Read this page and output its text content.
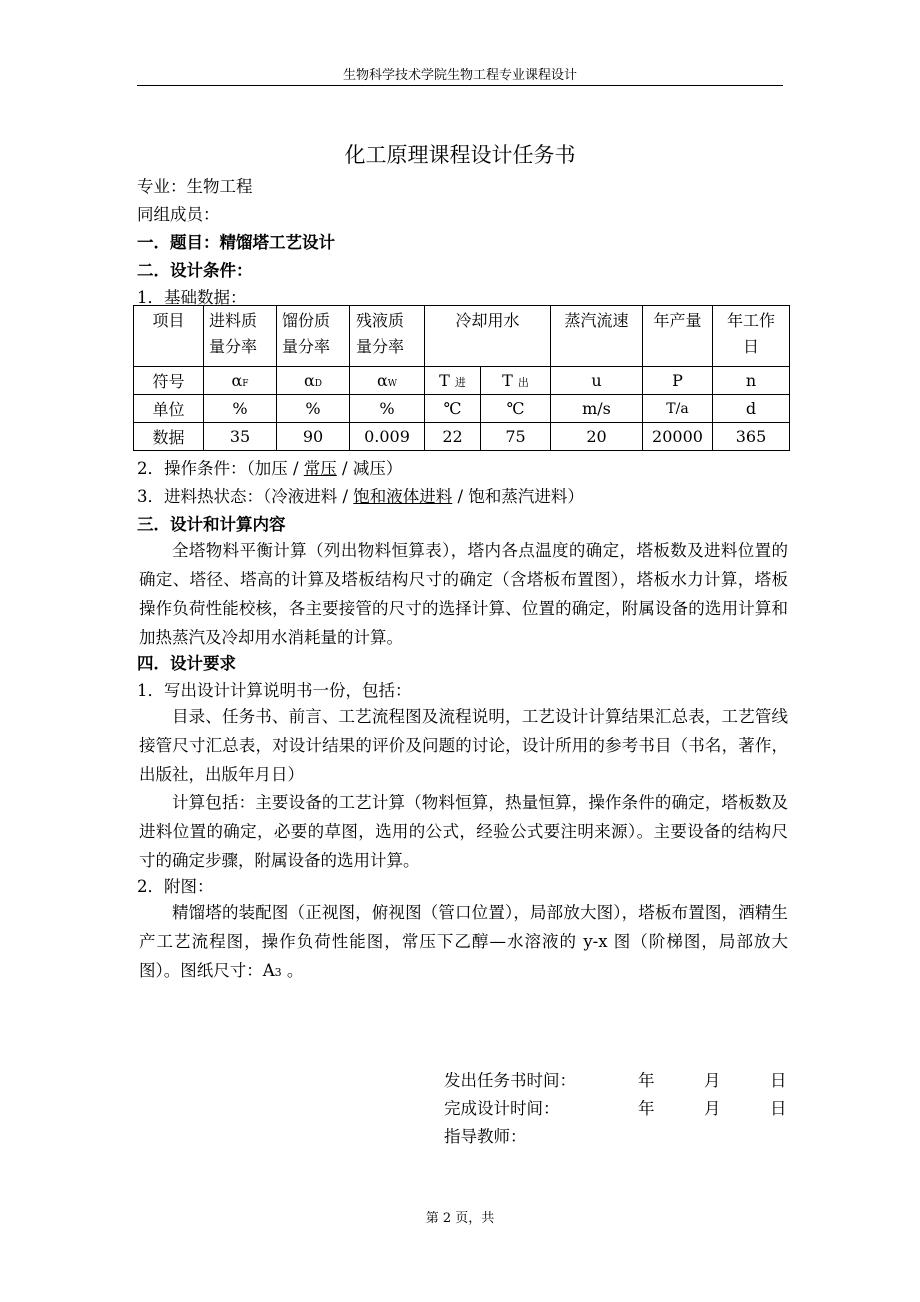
生物科学技术学院生物工程专业课程设计
化工原理课程设计任务书
专业：生物工程
同组成员：
一．题目：精馏塔工艺设计
二．设计条件：
1．基础数据：
项目	进料质量分率	馏份质量分率	残液质量分率	冷却用水		蒸汽流速	年产量	年工作日

符号	αF	αD	αW	T 进	T 出	u	P	n
单位	%	%	%	℃	℃	m/s	T/a	d
数据	35	90	0.009	22	75	20	20000	365
2．操作条件：（加压 / 常压 / 减压）
3．进料热状态：（冷液进料 / 饱和液体进料 / 饱和蒸汽进料）
三．设计和计算内容
全塔物料平衡计算（列出物料恒算表），塔内各点温度的确定，塔板数及进料位置的确定、塔径、塔高的计算及塔板结构尺寸的确定（含塔板布置图），塔板水力计算，塔板操作负荷性能校核，各主要接管的尺寸的选择计算、位置的确定，附属设备的选用计算和加热蒸汽及冷却用水消耗量的计算。
四．设计要求
1．写出设计计算说明书一份，包括：
目录、任务书、前言、工艺流程图及流程说明，工艺设计计算结果汇总表，工艺管线接管尺寸汇总表，对设计结果的评价及问题的讨论，设计所用的参考书目（书名，著作，出版社，出版年月日）
计算包括：主要设备的工艺计算（物料恒算，热量恒算，操作条件的确定，塔板数及进料位置的确定，必要的草图，选用的公式，经验公式要注明来源）。主要设备的结构尺寸的确定步骤，附属设备的选用计算。
2．附图：
精馏塔的装配图（正视图，俯视图（管口位置），局部放大图），塔板布置图，酒精生产工艺流程图，操作负荷性能图，常压下乙醇—水溶液的 y-x 图（阶梯图，局部放大图）。图纸尺寸：A3 。
发出任务书时间：	年	月	日
完成设计时间：	年	月	日
指导教师：
第 2 页，共
